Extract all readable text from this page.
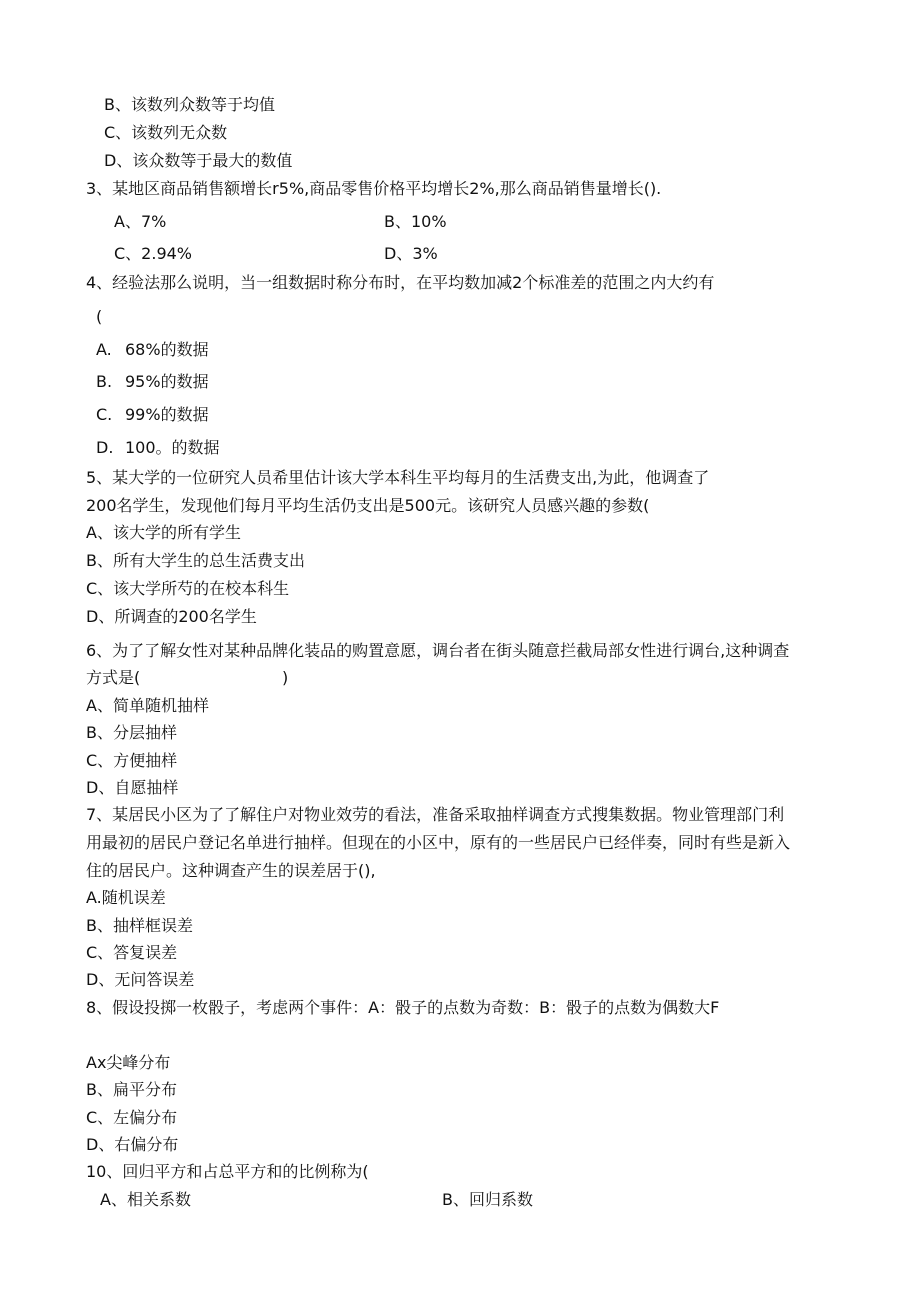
B、该数列众数等于均值
C、该数列无众数
D、该众数等于最大的数值
3、某地区商品销售额增长r5%,商品零售价格平均增长2%,那么商品销售量增长().
A、7%	B、10%
C、2.94%	D、3%
4、经验法那么说明，当一组数据时称分布时，在平均数加减2个标准差的范围之内大约有
(
A. 68%的数据
B. 95%的数据
C. 99%的数据
D. 100。的数据
5、某大学的一位研究人员希里估计该大学本科生平均每月的生活费支出,为此，他调查了
200名学生，发现他们每月平均生活仍支出是500元。该研究人员感兴趣的参数(
A、该大学的所有学生
B、所有大学生的总生活费支出
C、该大学所芍的在校本科生
D、所调查的200名学生
6、为了了解女性对某种品牌化装品的购置意愿，调台者在街头随意拦截局部女性进行调台,这种调查
方式是(	)
A、简单随机抽样
B、分层抽样
C、方便抽样
D、自愿抽样
7、某居民小区为了了解住户对物业效劳的看法，准备采取抽样调查方式搜集数据。物业管理部门利
用最初的居民户登记名单进行抽样。但现在的小区中，原有的一些居民户已经伴奏，同时有些是新入
住的居民户。这种调查产生的误差居于(),
A.随机误差
B、抽样框误差
C、答复误差
D、无问答误差
8、假设投掷一枚骰子，考虑两个事件：A：骰子的点数为奇数：B：骰子的点数为偶数大F
Ax尖峰分布
B、扁平分布
C、左偏分布
D、右偏分布
10、回归平方和占总平方和的比例称为(
A、相关系数	B、回归系数
